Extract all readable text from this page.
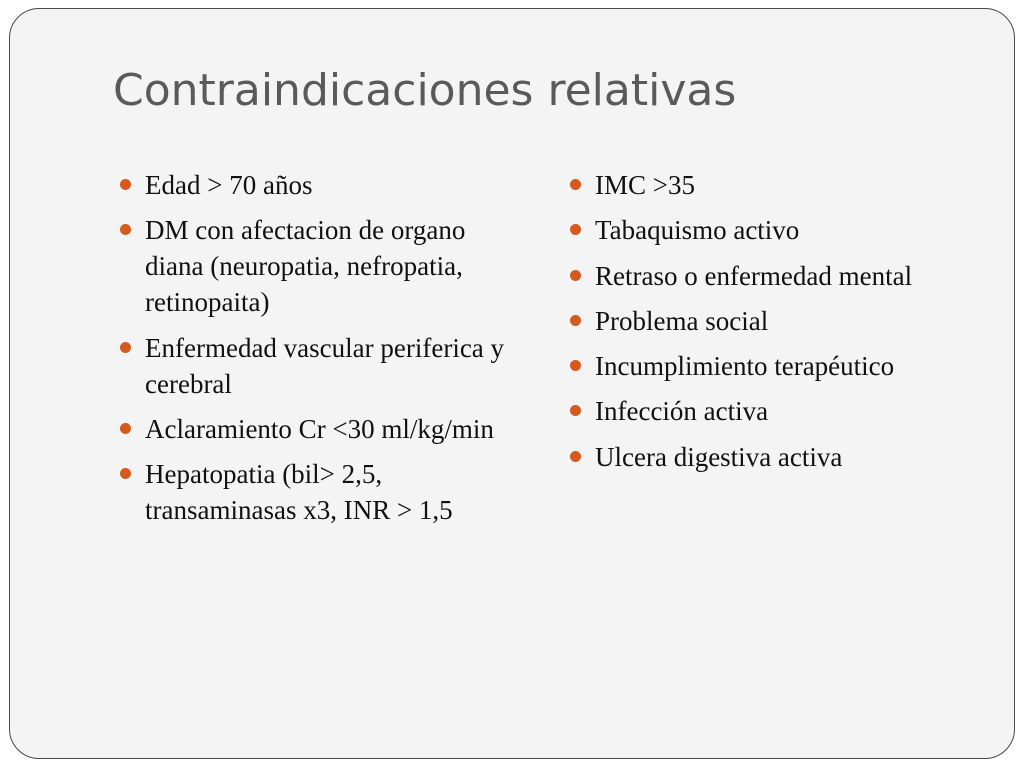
Contraindicaciones relativas
Edad > 70 años
DM con afectacion de organo diana (neuropatia, nefropatia, retinopaita)
Enfermedad vascular periferica y cerebral
Aclaramiento Cr <30 ml/kg/min
Hepatopatia (bil> 2,5, transaminasas x3, INR > 1,5
IMC >35
Tabaquismo activo
Retraso o enfermedad mental
Problema social
Incumplimiento terapéutico
Infección activa
Ulcera digestiva activa
